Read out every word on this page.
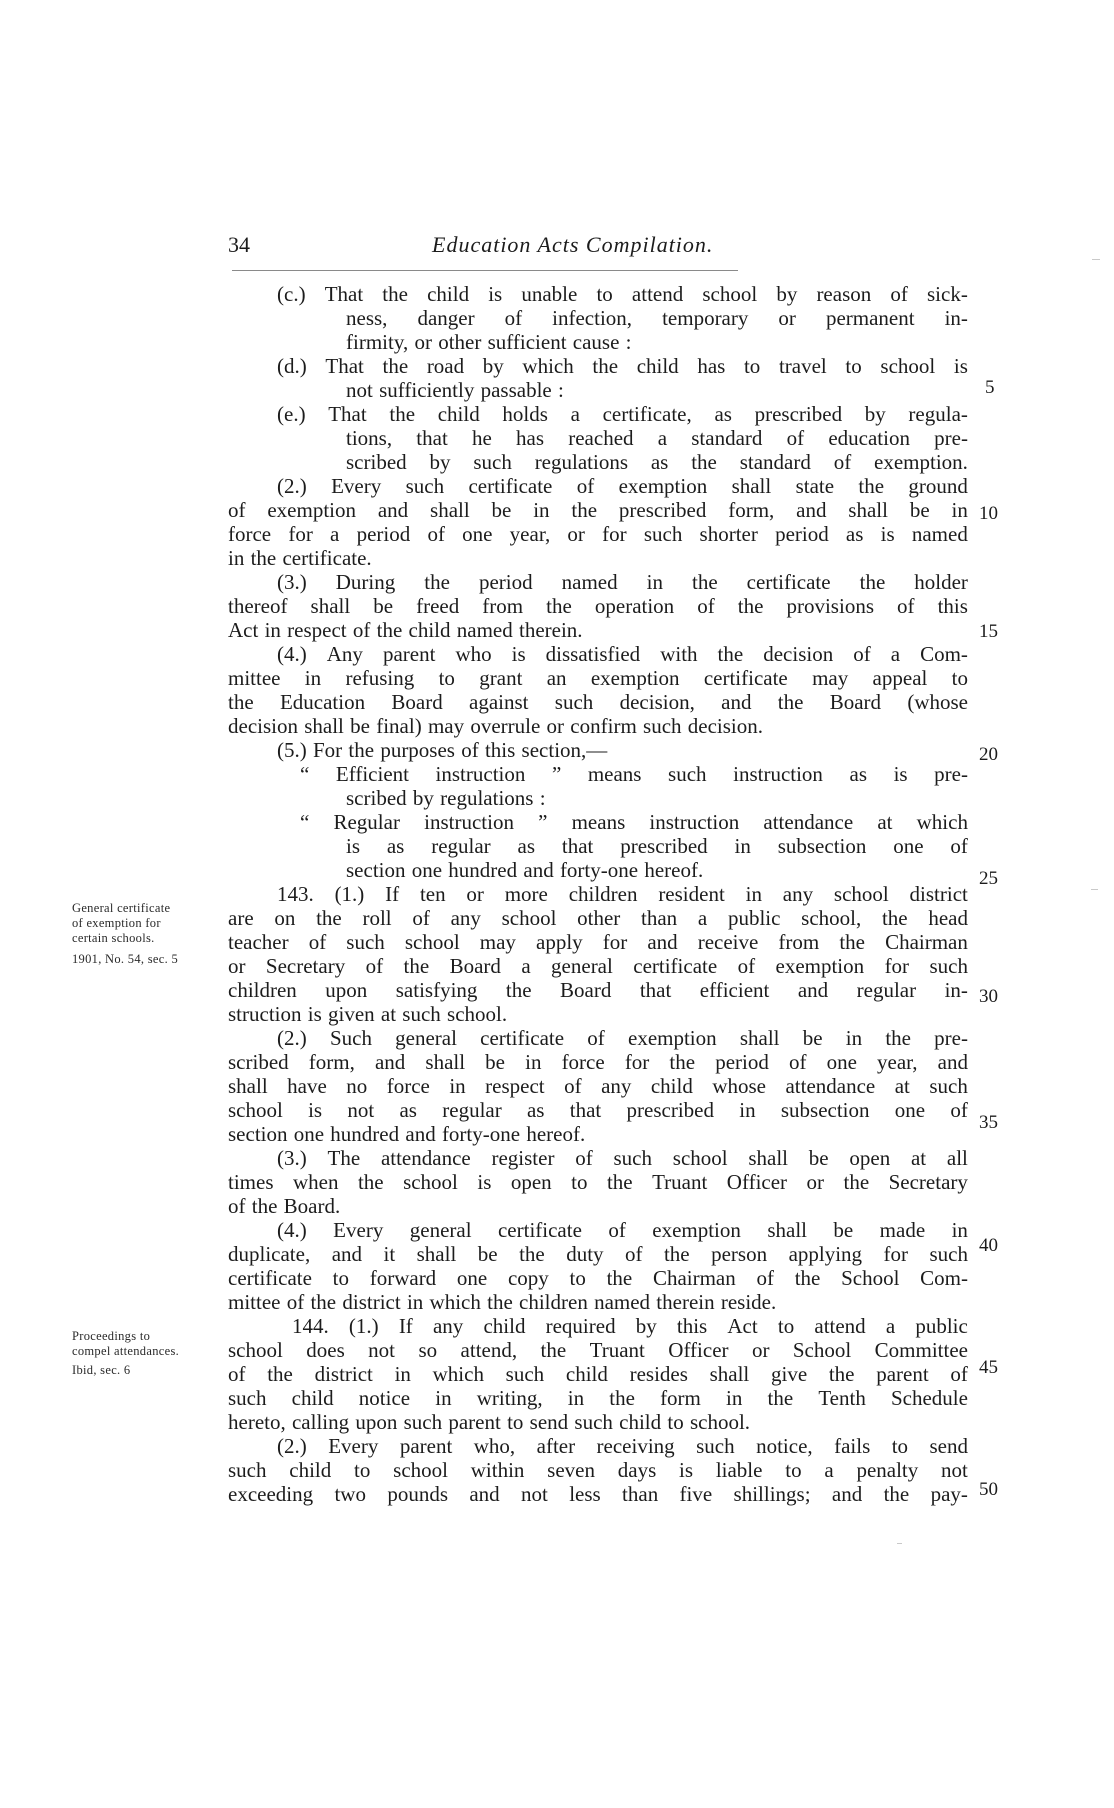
34	Education Acts Compilation.
General certificate
of exemption for
certain schools.
1901, No. 54, sec. 5
Proceedings to
compel attendances.
Ibid, sec. 6
5
10
15
20
25
30
35
40
45
50
(c.) That the child is unable to attend school by reason of sick-
ness, danger of infection, temporary or permanent in-
firmity, or other sufficient cause :
(d.) That the road by which the child has to travel to school is
not sufficiently passable :
(e.) That the child holds a certificate, as prescribed by regula-
tions, that he has reached a standard of education pre-
scribed by such regulations as the standard of exemption.
(2.) Every such certificate of exemption shall state the ground
of exemption and shall be in the prescribed form, and shall be in
force for a period of one year, or for such shorter period as is named
in the certificate.
(3.) During the period named in the certificate the holder
thereof shall be freed from the operation of the provisions of this
Act in respect of the child named therein.
(4.) Any parent who is dissatisfied with the decision of a Com-
mittee in refusing to grant an exemption certificate may appeal to
the Education Board against such decision, and the Board (whose
decision shall be final) may overrule or confirm such decision.
(5.) For the purposes of this section,—
“ Efficient instruction ” means such instruction as is pre-
scribed by regulations :
“ Regular instruction ” means instruction attendance at which
is as regular as that prescribed in subsection one of
section one hundred and forty-one hereof.
143. (1.) If ten or more children resident in any school district
are on the roll of any school other than a public school, the head
teacher of such school may apply for and receive from the Chairman
or Secretary of the Board a general certificate of exemption for such
children upon satisfying the Board that efficient and regular in-
struction is given at such school.
(2.) Such general certificate of exemption shall be in the pre-
scribed form, and shall be in force for the period of one year, and
shall have no force in respect of any child whose attendance at such
school is not as regular as that prescribed in subsection one of
section one hundred and forty-one hereof.
(3.) The attendance register of such school shall be open at all
times when the school is open to the Truant Officer or the Secretary
of the Board.
(4.) Every general certificate of exemption shall be made in
duplicate, and it shall be the duty of the person applying for such
certificate to forward one copy to the Chairman of the School Com-
mittee of the district in which the children named therein reside.
144. (1.) If any child required by this Act to attend a public
school does not so attend, the Truant Officer or School Committee
of the district in which such child resides shall give the parent of
such child notice in writing, in the form in the Tenth Schedule
hereto, calling upon such parent to send such child to school.
(2.) Every parent who, after receiving such notice, fails to send
such child to school within seven days is liable to a penalty not
exceeding two pounds and not less than five shillings; and the pay-
